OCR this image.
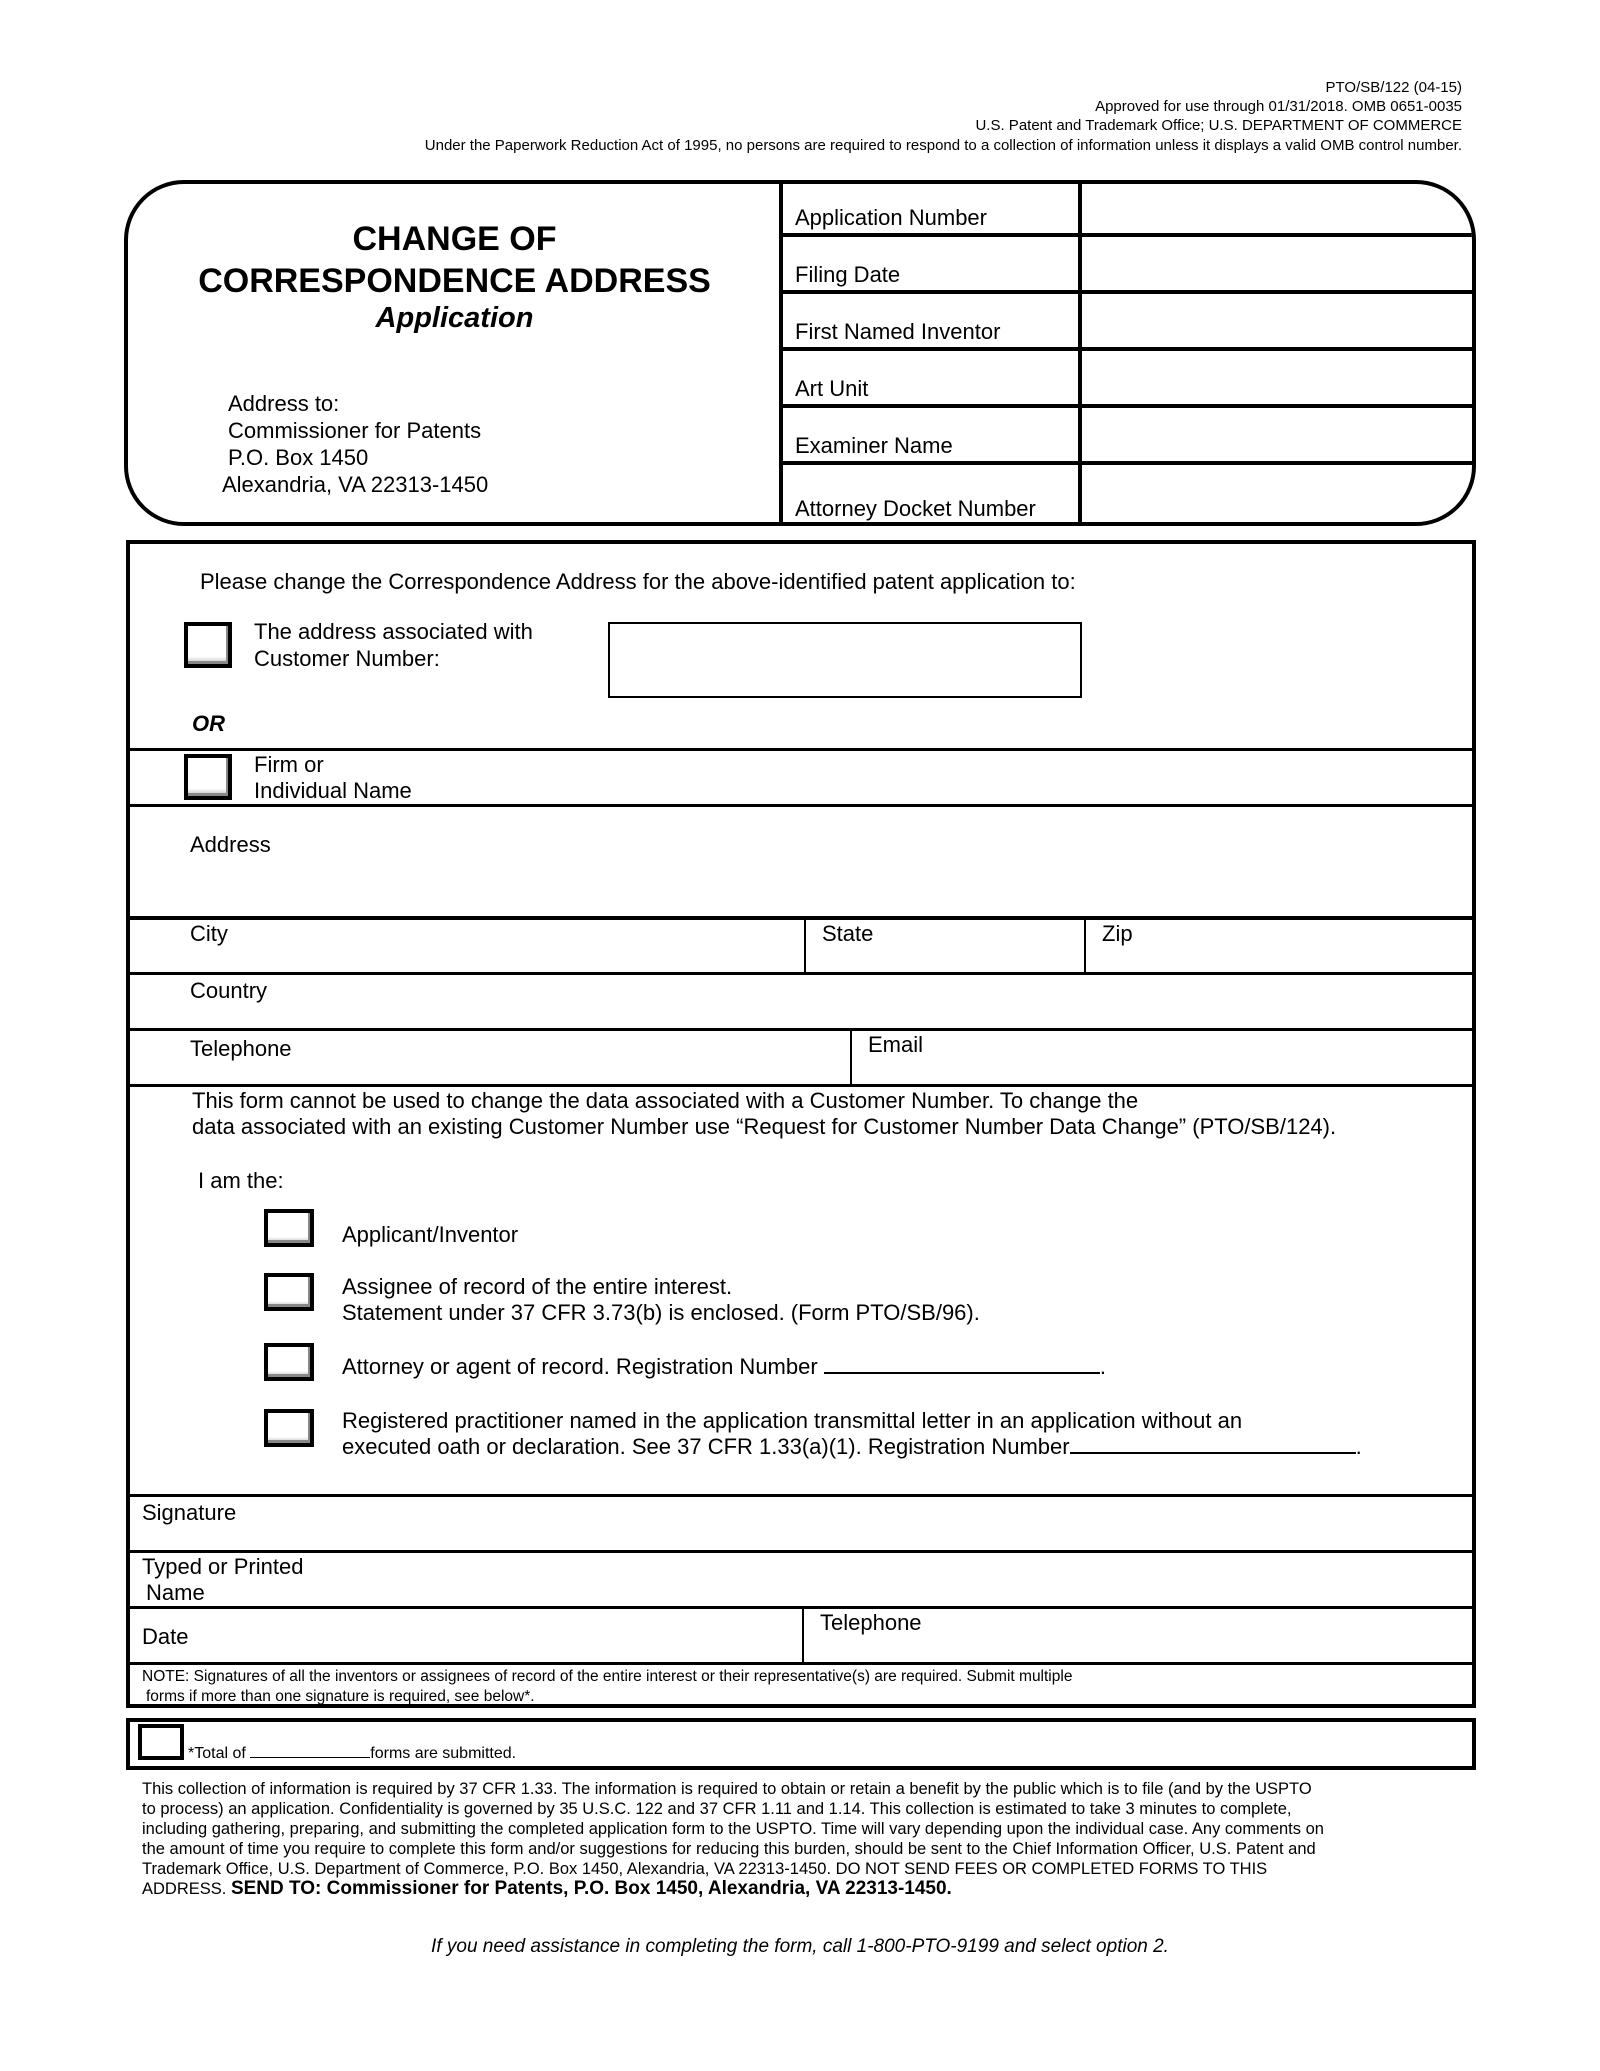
PTO/SB/122 (04-15)
Approved for use through 01/31/2018. OMB 0651-0035
U.S. Patent and Trademark Office; U.S. DEPARTMENT OF COMMERCE
Under the Paperwork Reduction Act of 1995, no persons are required to respond to a collection of information unless it displays a valid OMB control number.
CHANGE OF
CORRESPONDENCE ADDRESS
Application
Address to:
Commissioner for Patents
P.O. Box 1450
Alexandria, VA 22313-1450
Application Number
Filing Date
First Named Inventor
Art Unit
Examiner Name
Attorney Docket Number
Please change the Correspondence Address for the above-identified patent application to:
The address associated with
Customer Number:
OR
Firm or
Individual Name
Address
City	State	Zip
Country
Telephone	Email
This form cannot be used to change the data associated with a Customer Number. To change the
data associated with an existing Customer Number use “Request for Customer Number Data Change” (PTO/SB/124).
I am the:
Applicant/Inventor
Assignee of record of the entire interest.
Statement under 37 CFR 3.73(b) is enclosed. (Form PTO/SB/96).
Attorney or agent of record. Registration Number	.
Registered practitioner named in the application transmittal letter in an application without an
executed oath or declaration. See 37 CFR 1.33(a)(1). Registration Number	.
Signature
Typed or Printed
Name
Date
Telephone
NOTE: Signatures of all the inventors or assignees of record of the entire interest or their representative(s) are required. Submit multiple
forms if more than one signature is required, see below*.
*Total of	forms are submitted.
This collection of information is required by 37 CFR 1.33. The information is required to obtain or retain a benefit by the public which is to file (and by the USPTO
to process) an application. Confidentiality is governed by 35 U.S.C. 122 and 37 CFR 1.11 and 1.14. This collection is estimated to take 3 minutes to complete,
including gathering, preparing, and submitting the completed application form to the USPTO. Time will vary depending upon the individual case. Any comments on
the amount of time you require to complete this form and/or suggestions for reducing this burden, should be sent to the Chief Information Officer, U.S. Patent and
Trademark Office, U.S. Department of Commerce, P.O. Box 1450, Alexandria, VA 22313-1450. DO NOT SEND FEES OR COMPLETED FORMS TO THIS
ADDRESS. SEND TO: Commissioner for Patents, P.O. Box 1450, Alexandria, VA 22313-1450.
If you need assistance in completing the form, call 1-800-PTO-9199 and select option 2.
